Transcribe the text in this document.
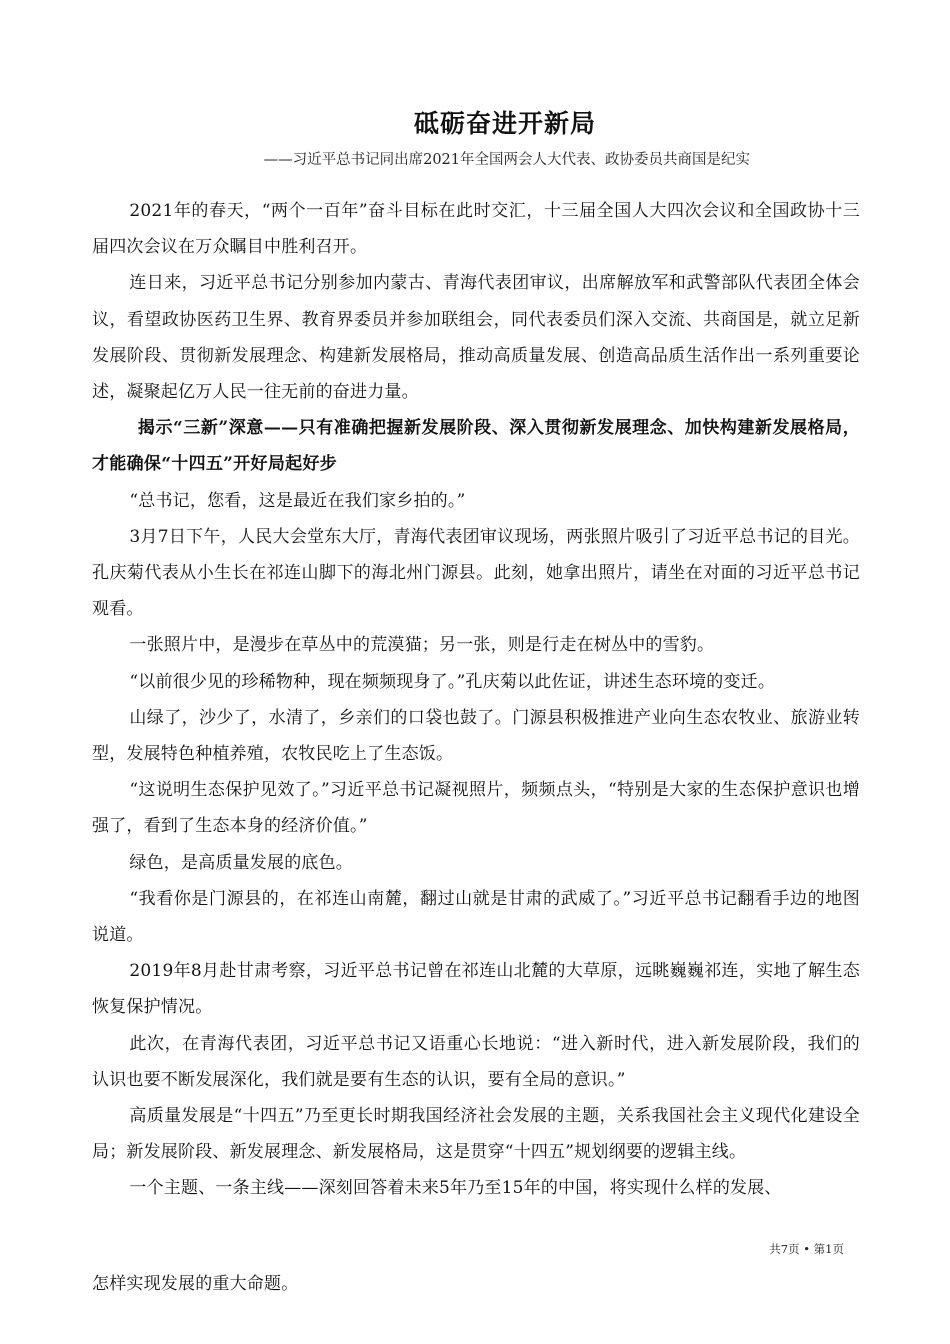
砥砺奋进开新局
——习近平总书记同出席2021年全国两会人大代表、政协委员共商国是纪实

2021年的春天，“两个一百年”奋斗目标在此时交汇，十三届全国人大四次会议和全国政协十三届四次会议在万众瞩目中胜利召开。

连日来，习近平总书记分别参加内蒙古、青海代表团审议，出席解放军和武警部队代表团全体会议，看望政协医药卫生界、教育界委员并参加联组会，同代表委员们深入交流、共商国是，就立足新发展阶段、贯彻新发展理念、构建新发展格局，推动高质量发展、创造高品质生活作出一系列重要论述，凝聚起亿万人民一往无前的奋进力量。

揭示“三新”深意——只有准确把握新发展阶段、深入贯彻新发展理念、加快构建新发展格局，才能确保“十四五”开好局起好步

“总书记，您看，这是最近在我们家乡拍的。”

3月7日下午，人民大会堂东大厅，青海代表团审议现场，两张照片吸引了习近平总书记的目光。孔庆菊代表从小生长在祁连山脚下的海北州门源县。此刻，她拿出照片，请坐在对面的习近平总书记观看。

一张照片中，是漫步在草丛中的荒漠猫；另一张，则是行走在树丛中的雪豹。

“以前很少见的珍稀物种，现在频频现身了。”孔庆菊以此佐证，讲述生态环境的变迁。

山绿了，沙少了，水清了，乡亲们的口袋也鼓了。门源县积极推进产业向生态农牧业、旅游业转型，发展特色种植养殖，农牧民吃上了生态饭。

“这说明生态保护见效了。”习近平总书记凝视照片，频频点头，“特别是大家的生态保护意识也增强了，看到了生态本身的经济价值。”

绿色，是高质量发展的底色。

“我看你是门源县的，在祁连山南麓，翻过山就是甘肃的武威了。”习近平总书记翻看手边的地图说道。

2019年8月赴甘肃考察，习近平总书记曾在祁连山北麓的大草原，远眺巍巍祁连，实地了解生态恢复保护情况。

此次，在青海代表团，习近平总书记又语重心长地说：“进入新时代，进入新发展阶段，我们的认识也要不断发展深化，我们就是要有生态的认识，要有全局的意识。”

高质量发展是“十四五”乃至更长时期我国经济社会发展的主题，关系我国社会主义现代化建设全局；新发展阶段、新发展理念、新发展格局，这是贯穿“十四五”规划纲要的逻辑主线。

一个主题、一条主线——深刻回答着未来5年乃至15年的中国，将实现什么样的发展、

共7页 • 第1页
怎样实现发展的重大命题。
